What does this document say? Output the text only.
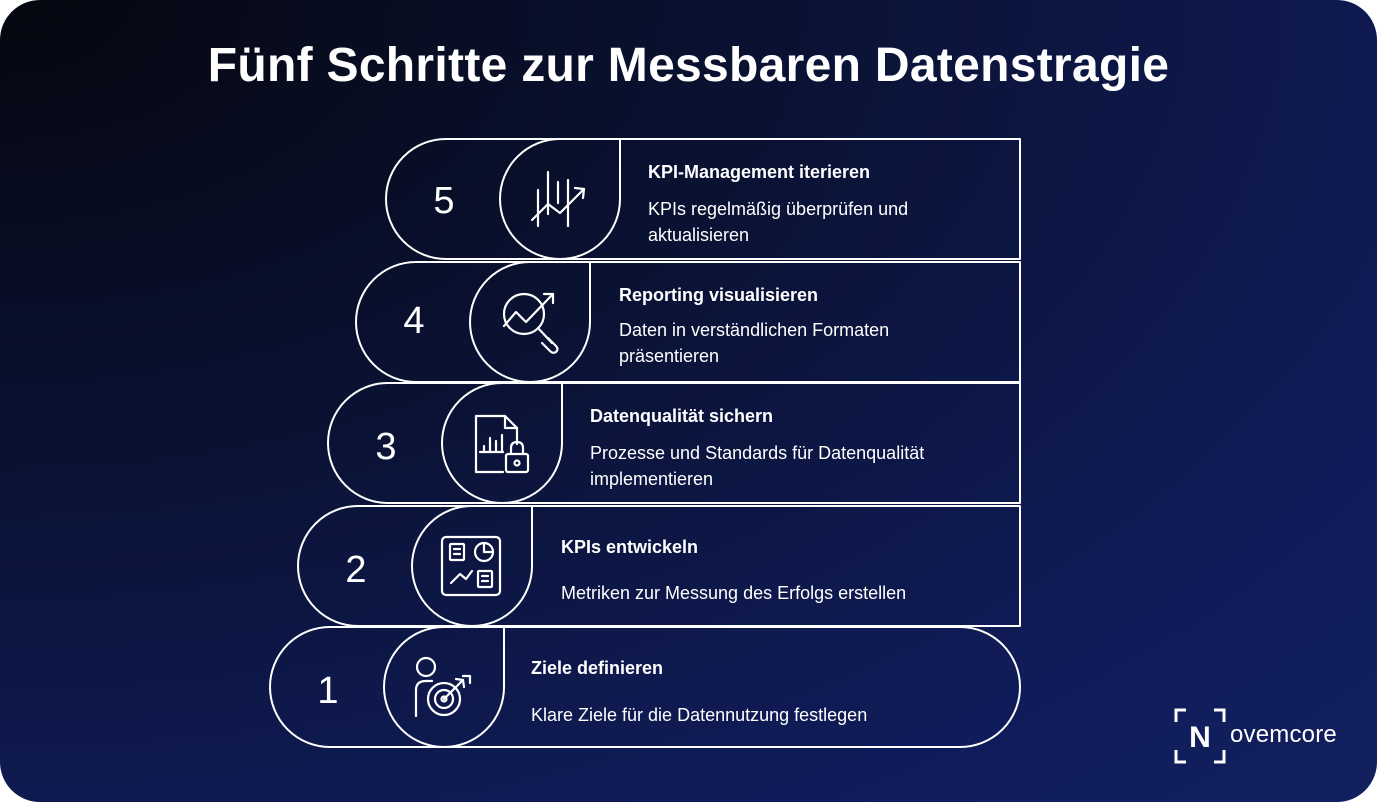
Fünf Schritte zur Messbaren Datenstragie
1
2
3
4
5
Ziele definieren
Klare Ziele für die Datennutzung festlegen
KPIs entwickeln
Metriken zur Messung des Erfolgs erstellen
Datenqualität sichern
Prozesse und Standards für Datenqualität implementieren
Reporting visualisieren
Daten in verständlichen Formaten präsentieren
KPI-Management iterieren
KPIs regelmäßig überprüfen und aktualisieren
N ovemcore
